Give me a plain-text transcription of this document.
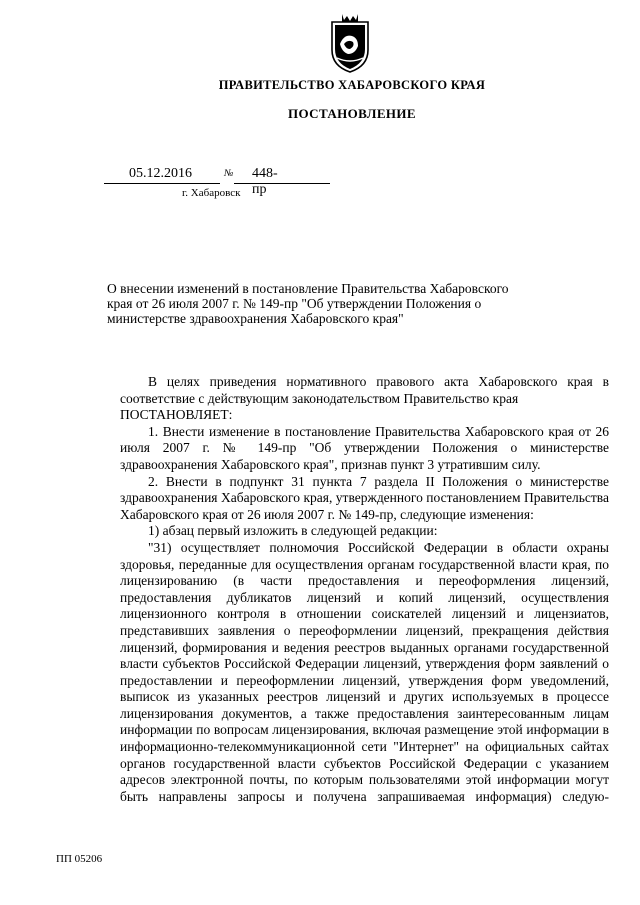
ПРАВИТЕЛЬСТВО ХАБАРОВСКОГО КРАЯ
ПОСТАНОВЛЕНИЕ
05.12.2016	№ 448-пр
г. Хабаровск
О внесении изменений в постановление Правительства Хабаровского края от 26 июля 2007 г. № 149-пр "Об утверждении Положения о министерстве здравоохранения Хабаровского края"

В целях приведения нормативного правового акта Хабаровского края в соответствие с действующим законодательством Правительство края

ПОСТАНОВЛЯЕТ:

1. Внести изменение в постановление Правительства Хабаровского края от 26 июля 2007 г. № 149-пр "Об утверждении Положения о министерстве здравоохранения Хабаровского края", признав пункт 3 утратившим силу.

2. Внести в подпункт 31 пункта 7 раздела II Положения о министерстве здравоохранения Хабаровского края, утвержденного постановлением Правительства Хабаровского края от 26 июля 2007 г. № 149-пр, следующие изменения:

1) абзац первый изложить в следующей редакции:

"31) осуществляет полномочия Российской Федерации в области охраны здоровья, переданные для осуществления органам государственной власти края, по лицензированию (в части предоставления и переоформления лицензий, предоставления дубликатов лицензий и копий лицензий, осуществления лицензионного контроля в отношении соискателей лицензий и лицензиатов, представивших заявления о переоформлении лицензий, прекращения действия лицензий, формирования и ведения реестров выданных органами государственной власти субъектов Российской Федерации лицензий, утверждения форм заявлений о предоставлении и переоформлении лицензий, утверждения форм уведомлений, выписок из указанных реестров лицензий и других используемых в процессе лицензирования документов, а также предоставления заинтересованным лицам информации по вопросам лицензирования, включая размещение этой информации в информационно-телекоммуникационной сети "Интернет" на официальных сайтах органов государственной власти субъектов Российской Федерации с указанием адресов электронной почты, по которым пользователями этой информации могут быть направлены запросы и получена запрашиваемая информация) следую-

ПП 05206
